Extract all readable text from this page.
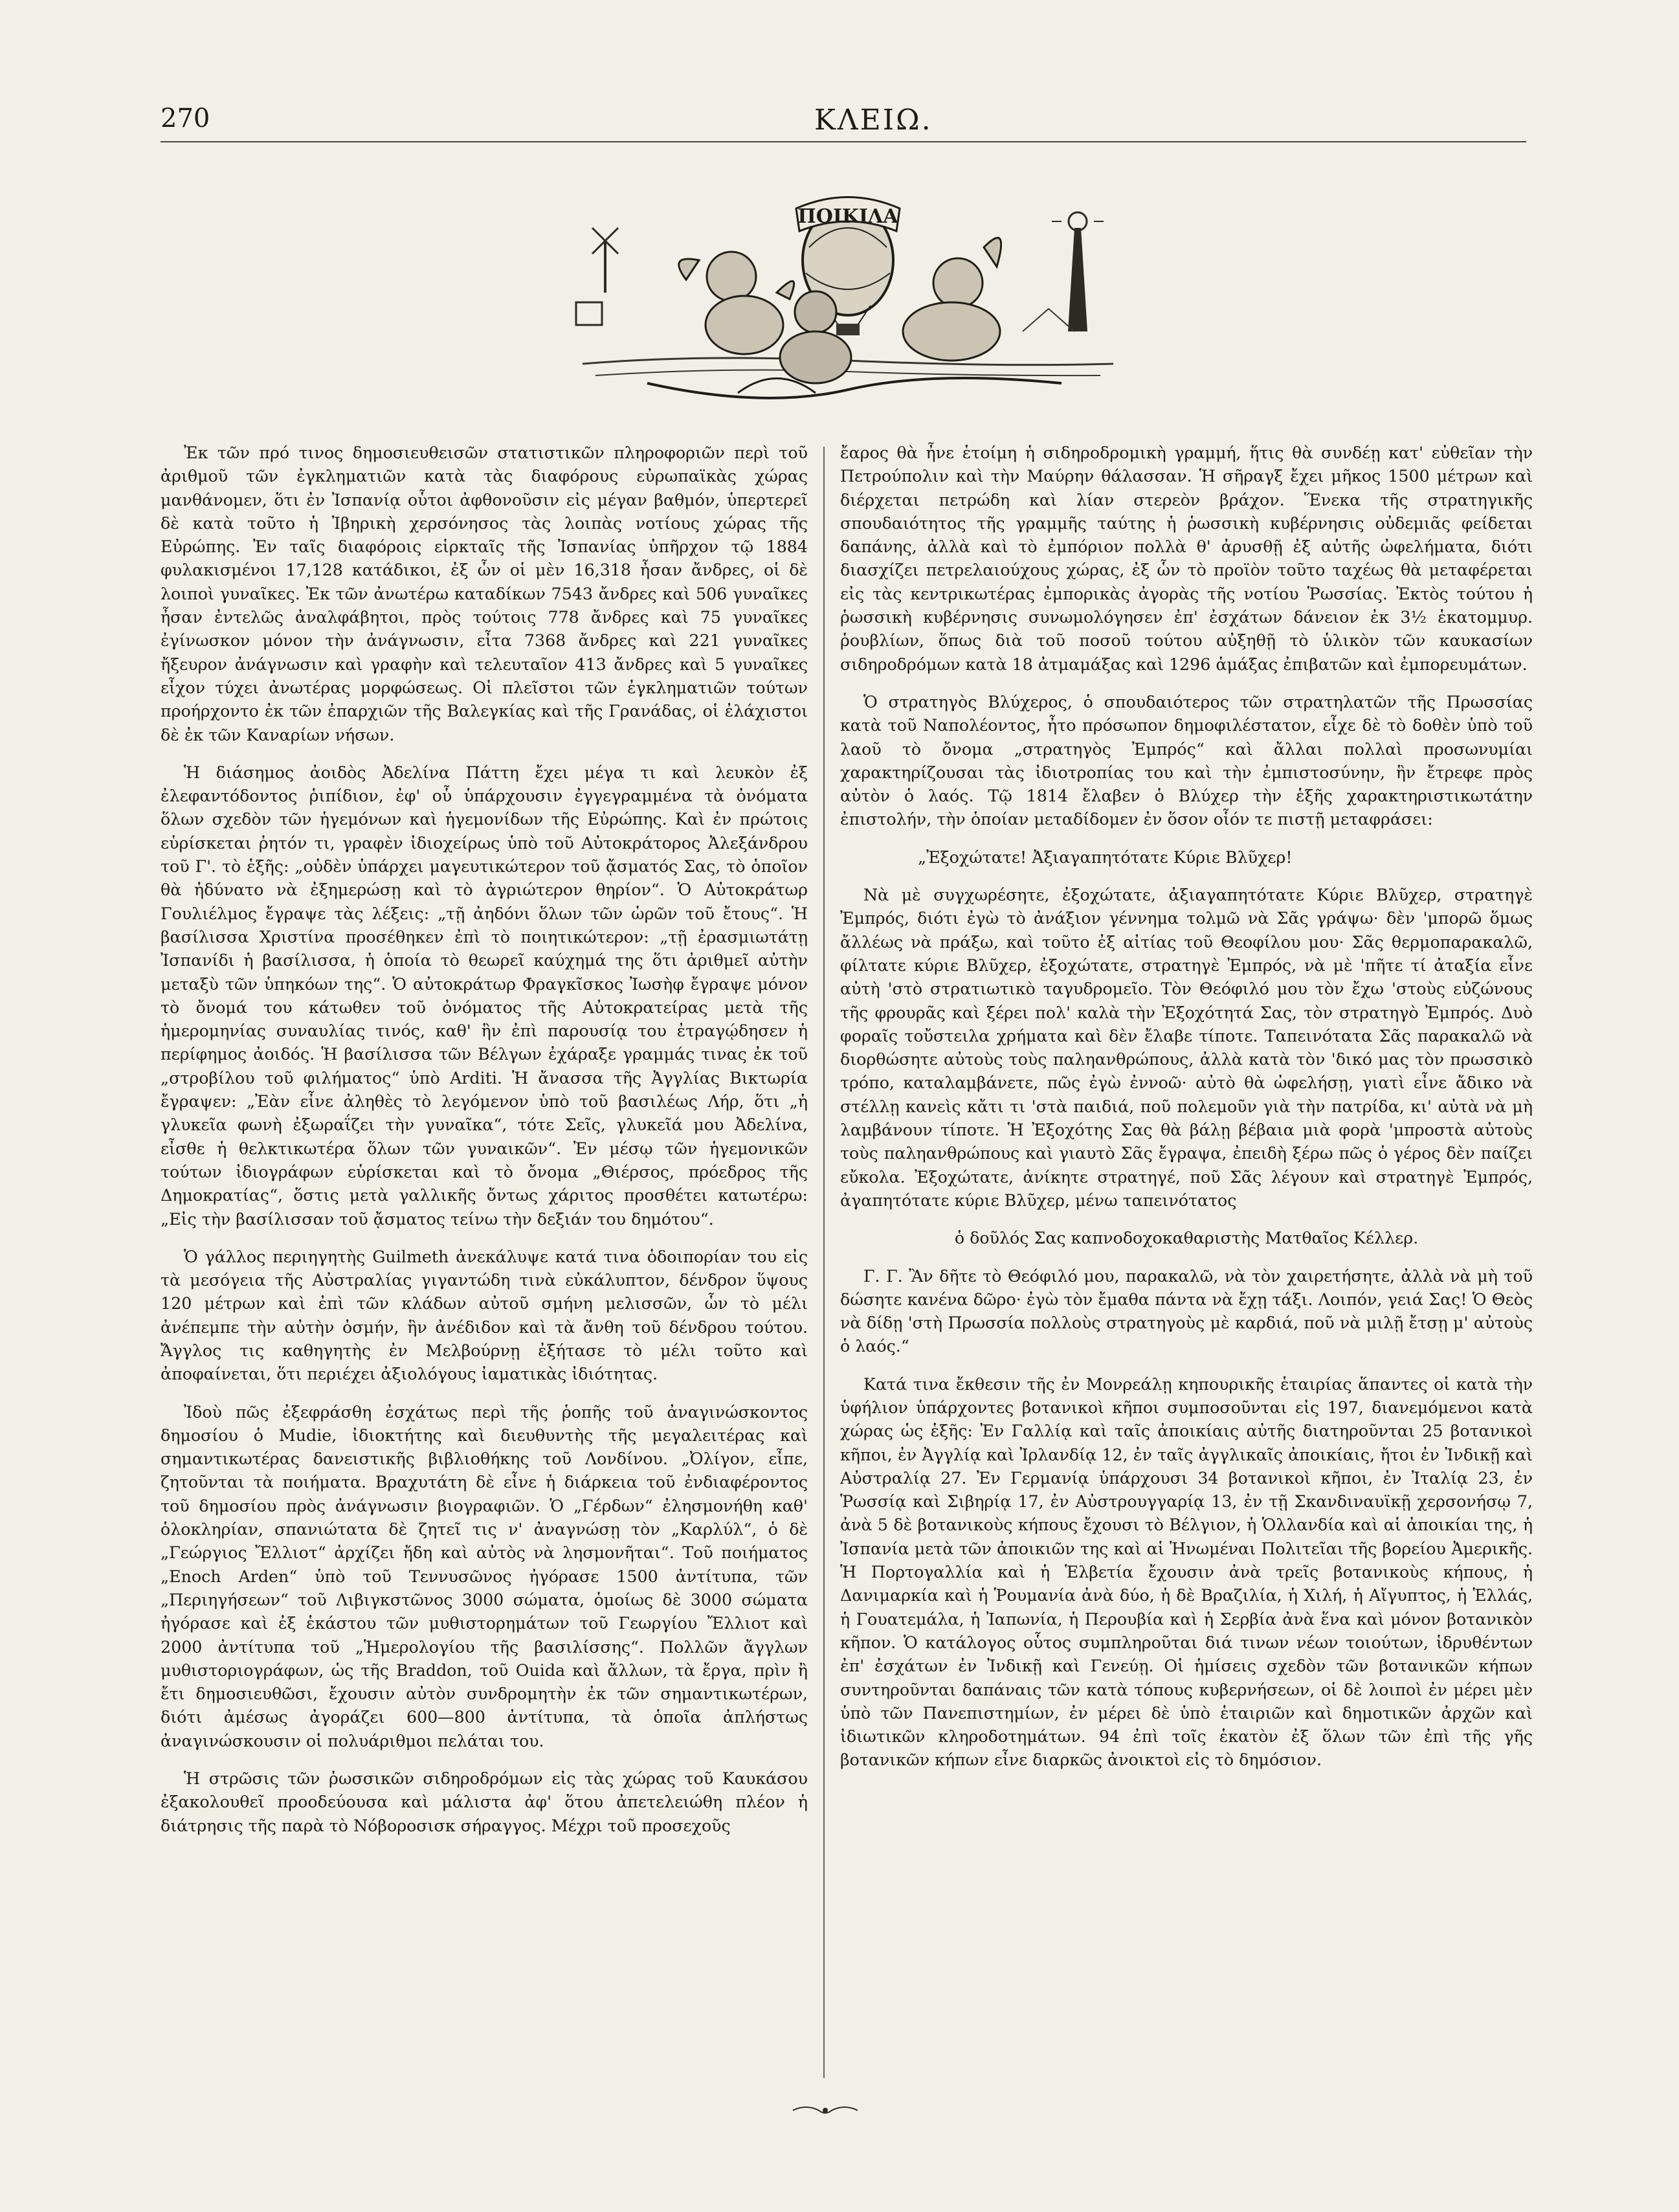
270	ΚΛΕΙΩ.
ΠΟΙΚΙΛΑ

Ἐκ τῶν πρό τινος δημοσιευθεισῶν στατιστικῶν πληροφοριῶν περὶ τοῦ ἀριθμοῦ τῶν ἐγκληματιῶν κατὰ τὰς διαφόρους εὐρωπαϊκὰς χώρας μανθάνομεν, ὅτι ἐν Ἰσπανίᾳ οὗτοι ἀφθονοῦσιν εἰς μέγαν βαθμόν, ὑπερτερεῖ δὲ κατὰ τοῦτο ἡ Ἰβηρικὴ χερσόνησος τὰς λοιπὰς νοτίους χώρας τῆς Εὐρώπης. Ἐν ταῖς διαφόροις εἱρκταῖς τῆς Ἰσπανίας ὑπῆρχον τῷ 1884 φυλακισμένοι 17,128 κατάδικοι, ἐξ ὧν οἱ μὲν 16,318 ἦσαν ἄνδρες, οἱ δὲ λοιποὶ γυναῖκες. Ἐκ τῶν ἀνωτέρω καταδίκων 7543 ἄνδρες καὶ 506 γυναῖκες ἦσαν ἐντελῶς ἀναλφάβητοι, πρὸς τούτοις 778 ἄνδρες καὶ 75 γυναῖκες ἐγίνωσκον μόνον τὴν ἀνάγνωσιν, εἶτα 7368 ἄνδρες καὶ 221 γυναῖκες ἤξευρον ἀνάγνωσιν καὶ γραφὴν καὶ τελευταῖον 413 ἄνδρες καὶ 5 γυναῖκες εἶχον τύχει ἀνωτέρας μορφώσεως. Οἱ πλεῖστοι τῶν ἐγκληματιῶν τούτων προήρχοντο ἐκ τῶν ἐπαρχιῶν τῆς Βαλεγκίας καὶ τῆς Γρανάδας, οἱ ἐλάχιστοι δὲ ἐκ τῶν Καναρίων νήσων.

Ἡ διάσημος ἀοιδὸς Ἀδελίνα Πάττη ἔχει μέγα τι καὶ λευκὸν ἐξ ἐλεφαντόδοντος ῥιπίδιον, ἐφ' οὗ ὑπάρχουσιν ἐγγεγραμμένα τὰ ὀνόματα ὅλων σχεδὸν τῶν ἡγεμόνων καὶ ἡγεμονίδων τῆς Εὐρώπης. Καὶ ἐν πρώτοις εὑρίσκεται ῥητόν τι, γραφὲν ἰδιοχείρως ὑπὸ τοῦ Αὐτοκράτορος Ἀλεξάνδρου τοῦ Γ'. τὸ ἑξῆς: „οὐδὲν ὑπάρχει μαγευτικώτερον τοῦ ᾄσματός Σας, τὸ ὁποῖον θὰ ἠδύνατο νὰ ἐξημερώσῃ καὶ τὸ ἀγριώτερον θηρίον“. Ὁ Αὐτοκράτωρ Γουλιέλμος ἔγραψε τὰς λέξεις: „τῇ ἀηδόνι ὅλων τῶν ὡρῶν τοῦ ἔτους“. Ἡ βασίλισσα Χριστίνα προσέθηκεν ἐπὶ τὸ ποιητικώτερον: „τῇ ἐρασμιωτάτῃ Ἰσπανίδι ἡ βασίλισσα, ἡ ὁποία τὸ θεωρεῖ καύχημά της ὅτι ἀριθμεῖ αὐτὴν μεταξὺ τῶν ὑπηκόων της“. Ὁ αὐτοκράτωρ Φραγκῖσκος Ἰωσὴφ ἔγραψε μόνον τὸ ὄνομά του κάτωθεν τοῦ ὀνόματος τῆς Αὐτοκρατείρας μετὰ τῆς ἡμερομηνίας συναυλίας τινός, καθ' ἣν ἐπὶ παρουσίᾳ του ἐτραγῴδησεν ἡ περίφημος ἀοιδός. Ἡ βασίλισσα τῶν Βέλγων ἐχάραξε γραμμάς τινας ἐκ τοῦ „στροβίλου τοῦ φιλήματος“ ὑπὸ Arditi. Ἡ ἄνασσα τῆς Ἀγγλίας Βικτωρία ἔγραψεν: „Ἐὰν εἶνε ἀληθὲς τὸ λεγόμενον ὑπὸ τοῦ βασιλέως Λήρ, ὅτι „ἡ γλυκεῖα φωνὴ ἐξωραΐζει τὴν γυναῖκα“, τότε Σεῖς, γλυκεῖά μου Ἀδελίνα, εἶσθε ἡ θελκτικωτέρα ὅλων τῶν γυναικῶν“. Ἐν μέσῳ τῶν ἡγεμονικῶν τούτων ἰδιογράφων εὑρίσκεται καὶ τὸ ὄνομα „Θιέρσος, πρόεδρος τῆς Δημοκρατίας“, ὅστις μετὰ γαλλικῆς ὄντως χάριτος προσθέτει κατωτέρω: „Εἰς τὴν βασίλισσαν τοῦ ᾄσματος τείνω τὴν δεξιάν του δημότου“.

Ὁ γάλλος περιηγητὴς Guilmeth ἀνεκάλυψε κατά τινα ὁδοιπορίαν του εἰς τὰ μεσόγεια τῆς Αὐστραλίας γιγαντώδη τινὰ εὐκάλυπτον, δένδρον ὕψους 120 μέτρων καὶ ἐπὶ τῶν κλάδων αὐτοῦ σμήνη μελισσῶν, ὧν τὸ μέλι ἀνέπεμπε τὴν αὐτὴν ὀσμήν, ἣν ἀνέδιδον καὶ τὰ ἄνθη τοῦ δένδρου τούτου. Ἄγγλος τις καθηγητὴς ἐν Μελβούρνῃ ἐξήτασε τὸ μέλι τοῦτο καὶ ἀποφαίνεται, ὅτι περιέχει ἀξιολόγους ἰαματικὰς ἰδιότητας.

Ἰδοὺ πῶς ἐξεφράσθη ἐσχάτως περὶ τῆς ῥοπῆς τοῦ ἀναγινώσκοντος δημοσίου ὁ Mudie, ἰδιοκτήτης καὶ διευθυντὴς τῆς μεγαλειτέρας καὶ σημαντικωτέρας δανειστικῆς βιβλιοθήκης τοῦ Λονδίνου. „Ὀλίγον, εἶπε, ζητοῦνται τὰ ποιήματα. Βραχυτάτη δὲ εἶνε ἡ διάρκεια τοῦ ἐνδιαφέροντος τοῦ δημοσίου πρὸς ἀνάγνωσιν βιογραφιῶν. Ὁ „Γέρδων“ ἐλησμονήθη καθ' ὁλοκληρίαν, σπανιώτατα δὲ ζητεῖ τις ν' ἀναγνώσῃ τὸν „Καρλύλ“, ὁ δὲ „Γεώργιος Ἔλλιοτ“ ἀρχίζει ἤδη καὶ αὐτὸς νὰ λησμονῆται“. Τοῦ ποιήματος „Enoch Arden“ ὑπὸ τοῦ Τεννυσῶνος ἠγόρασε 1500 ἀντίτυπα, τῶν „Περιηγήσεων“ τοῦ Λιβιγκστῶνος 3000 σώματα, ὁμοίως δὲ 3000 σώματα ἠγόρασε καὶ ἐξ ἑκάστου τῶν μυθιστορημάτων τοῦ Γεωργίου Ἔλλιοτ καὶ 2000 ἀντίτυπα τοῦ „Ἡμερολογίου τῆς βασιλίσσης“. Πολλῶν ἄγγλων μυθιστοριογράφων, ὡς τῆς Braddon, τοῦ Ouida καὶ ἄλλων, τὰ ἔργα, πρὶν ἢ ἔτι δημοσιευθῶσι, ἔχουσιν αὐτὸν συνδρομητὴν ἐκ τῶν σημαντικωτέρων, διότι ἀμέσως ἀγοράζει 600—800 ἀντίτυπα, τὰ ὁποῖα ἀπλήστως ἀναγινώσκουσιν οἱ πολυάριθμοι πελάται του.

Ἡ στρῶσις τῶν ῥωσσικῶν σιδηροδρόμων εἰς τὰς χώρας τοῦ Καυκάσου ἐξακολουθεῖ προοδεύουσα καὶ μάλιστα ἀφ' ὅτου ἀπετελειώθη πλέον ἡ διάτρησις τῆς παρὰ τὸ Νόβοροσισκ σήραγγος. Μέχρι τοῦ προσεχοῦς

ἔαρος θὰ ἦνε ἑτοίμη ἡ σιδηροδρομικὴ γραμμή, ἥτις θὰ συνδέῃ κατ' εὐθεῖαν τὴν Πετρούπολιν καὶ τὴν Μαύρην θάλασσαν. Ἡ σῆραγξ ἔχει μῆκος 1500 μέτρων καὶ διέρχεται πετρώδη καὶ λίαν στερεὸν βράχον. Ἕνεκα τῆς στρατηγικῆς σπουδαιότητος τῆς γραμμῆς ταύτης ἡ ῥωσσικὴ κυβέρνησις οὐδεμιᾶς φείδεται δαπάνης, ἀλλὰ καὶ τὸ ἐμπόριον πολλὰ θ' ἀρυσθῇ ἐξ αὐτῆς ὠφελήματα, διότι διασχίζει πετρελαιούχους χώρας, ἐξ ὧν τὸ προϊὸν τοῦτο ταχέως θὰ μεταφέρεται εἰς τὰς κεντρικωτέρας ἐμπορικὰς ἀγορὰς τῆς νοτίου Ῥωσσίας. Ἐκτὸς τούτου ἡ ῥωσσικὴ κυβέρνησις συνωμολόγησεν ἐπ' ἐσχάτων δάνειον ἐκ 3½ ἑκατομμυρ. ῥουβλίων, ὅπως διὰ τοῦ ποσοῦ τούτου αὐξηθῇ τὸ ὑλικὸν τῶν καυκασίων σιδηροδρόμων κατὰ 18 ἀτμαμάξας καὶ 1296 ἁμάξας ἐπιβατῶν καὶ ἐμπορευμάτων.

Ὁ στρατηγὸς Βλύχερος, ὁ σπουδαιότερος τῶν στρατηλατῶν τῆς Πρωσσίας κατὰ τοῦ Ναπολέοντος, ἦτο πρόσωπον δημοφιλέστατον, εἶχε δὲ τὸ δοθὲν ὑπὸ τοῦ λαοῦ τὸ ὄνομα „στρατηγὸς Ἐμπρός“ καὶ ἄλλαι πολλαὶ προσωνυμίαι χαρακτηρίζουσαι τὰς ἰδιοτροπίας του καὶ τὴν ἐμπιστοσύνην, ἣν ἔτρεφε πρὸς αὐτὸν ὁ λαός. Τῷ 1814 ἔλαβεν ὁ Βλύχερ τὴν ἑξῆς χαρακτηριστικωτάτην ἐπιστολήν, τὴν ὁποίαν μεταδίδομεν ἐν ὅσον οἷόν τε πιστῇ μεταφράσει:

„Ἐξοχώτατε! Ἀξιαγαπητότατε Κύριε Βλῦχερ!

Νὰ μὲ συγχωρέσητε, ἐξοχώτατε, ἀξιαγαπητότατε Κύριε Βλῦχερ, στρατηγὲ Ἐμπρός, διότι ἐγὼ τὸ ἀνάξιον γέννημα τολμῶ νὰ Σᾶς γράψω· δὲν 'μπορῶ ὅμως ἄλλέως νὰ πράξω, καὶ τοῦτο ἐξ αἰτίας τοῦ Θεοφίλου μου· Σᾶς θερμοπαρακαλῶ, φίλτατε κύριε Βλῦχερ, ἐξοχώτατε, στρατηγὲ Ἐμπρός, νὰ μὲ 'πῆτε τί ἀταξία εἶνε αὐτὴ 'στὸ στρατιωτικὸ ταγυδρομεῖο. Τὸν Θεόφιλό μου τὸν ἔχω 'στοὺς εὐζώνους τῆς φρουρᾶς καὶ ξέρει πολ' καλὰ τὴν Ἐξοχότητά Σας, τὸν στρατηγὸ Ἐμπρός. Δυὸ φοραῖς τοὔστειλα χρήματα καὶ δὲν ἔλαβε τίποτε. Ταπεινότατα Σᾶς παρακαλῶ νὰ διορθώσητε αὐτοὺς τοὺς παληανθρώπους, ἀλλὰ κατὰ τὸν 'δικό μας τὸν πρωσσικὸ τρόπο, καταλαμβάνετε, πῶς ἐγὼ ἐννοῶ· αὐτὸ θὰ ὠφελήσῃ, γιατὶ εἶνε ἄδικο νὰ στέλλῃ κανεὶς κἄτι τι 'στὰ παιδιά, ποῦ πολεμοῦν γιὰ τὴν πατρίδα, κι' αὐτὰ νὰ μὴ λαμβάνουν τίποτε. Ἡ Ἐξοχότης Σας θὰ βάλῃ βέβαια μιὰ φορὰ 'μπροστὰ αὐτοὺς τοὺς παληανθρώπους καὶ γιαυτὸ Σᾶς ἔγραψα, ἐπειδὴ ξέρω πῶς ὁ γέρος δὲν παίζει εὔκολα. Ἐξοχώτατε, ἀνίκητε στρατηγέ, ποῦ Σᾶς λέγουν καὶ στρατηγὲ Ἐμπρός, ἀγαπητότατε κύριε Βλῦχερ, μένω ταπεινότατος

ὁ δοῦλός Σας καπνοδοχοκαθαριστὴς Ματθαῖος Κέλλερ.

Γ. Γ. Ἂν δῆτε τὸ Θεόφιλό μου, παρακαλῶ, νὰ τὸν χαιρετήσητε, ἀλλὰ νὰ μὴ τοῦ δώσητε κανένα δῶρο· ἐγὼ τὸν ἔμαθα πάντα νὰ ἔχῃ τάξι. Λοιπόν, γειά Σας! Ὁ Θεὸς νὰ δίδῃ 'στὴ Πρωσσία πολλοὺς στρατηγοὺς μὲ καρδιά, ποῦ νὰ μιλῇ ἔτσῃ μ' αὐτοὺς ὁ λαός.“

Κατά τινα ἔκθεσιν τῆς ἐν Μονρεάλῃ κηπουρικῆς ἑταιρίας ἅπαντες οἱ κατὰ τὴν ὑφήλιον ὑπάρχοντες βοτανικοὶ κῆποι συμποσοῦνται εἰς 197, διανεμόμενοι κατὰ χώρας ὡς ἑξῆς: Ἐν Γαλλίᾳ καὶ ταῖς ἀποικίαις αὐτῆς διατηροῦνται 25 βοτανικοὶ κῆποι, ἐν Ἀγγλίᾳ καὶ Ἰρλανδίᾳ 12, ἐν ταῖς ἀγγλικαῖς ἀποικίαις, ἤτοι ἐν Ἰνδικῇ καὶ Αὐστραλίᾳ 27. Ἐν Γερμανίᾳ ὑπάρχουσι 34 βοτανικοὶ κῆποι, ἐν Ἰταλίᾳ 23, ἐν Ῥωσσίᾳ καὶ Σιβηρίᾳ 17, ἐν Αὐστρουγγαρίᾳ 13, ἐν τῇ Σκανδιναυϊκῇ χερσονήσῳ 7, ἀνὰ 5 δὲ βοτανικοὺς κήπους ἔχουσι τὸ Βέλγιον, ἡ Ὁλλανδία καὶ αἱ ἀποικίαι της, ἡ Ἰσπανία μετὰ τῶν ἀποικιῶν της καὶ αἱ Ἡνωμέναι Πολιτεῖαι τῆς βορείου Ἀμερικῆς. Ἡ Πορτογαλλία καὶ ἡ Ἑλβετία ἔχουσιν ἀνὰ τρεῖς βοτανικοὺς κήπους, ἡ Δανιμαρκία καὶ ἡ Ῥουμανία ἀνὰ δύο, ἡ δὲ Βραζιλία, ἡ Χιλή, ἡ Αἴγυπτος, ἡ Ἑλλάς, ἡ Γουατεμάλα, ἡ Ἰαπωνία, ἡ Περουβία καὶ ἡ Σερβία ἀνὰ ἕνα καὶ μόνον βοτανικὸν κῆπον. Ὁ κατάλογος οὗτος συμπληροῦται διά τινων νέων τοιούτων, ἱδρυθέντων ἐπ' ἐσχάτων ἐν Ἰνδικῇ καὶ Γενεύῃ. Οἱ ἡμίσεις σχεδὸν τῶν βοτανικῶν κήπων συντηροῦνται δαπάναις τῶν κατὰ τόπους κυβερνήσεων, οἱ δὲ λοιποὶ ἐν μέρει μὲν ὑπὸ τῶν Πανεπιστημίων, ἐν μέρει δὲ ὑπὸ ἑταιριῶν καὶ δημοτικῶν ἀρχῶν καὶ ἰδιωτικῶν κληροδοτημάτων. 94 ἐπὶ τοῖς ἑκατὸν ἐξ ὅλων τῶν ἐπὶ τῆς γῆς βοτανικῶν κήπων εἶνε διαρκῶς ἀνοικτοὶ εἰς τὸ δημόσιον.
